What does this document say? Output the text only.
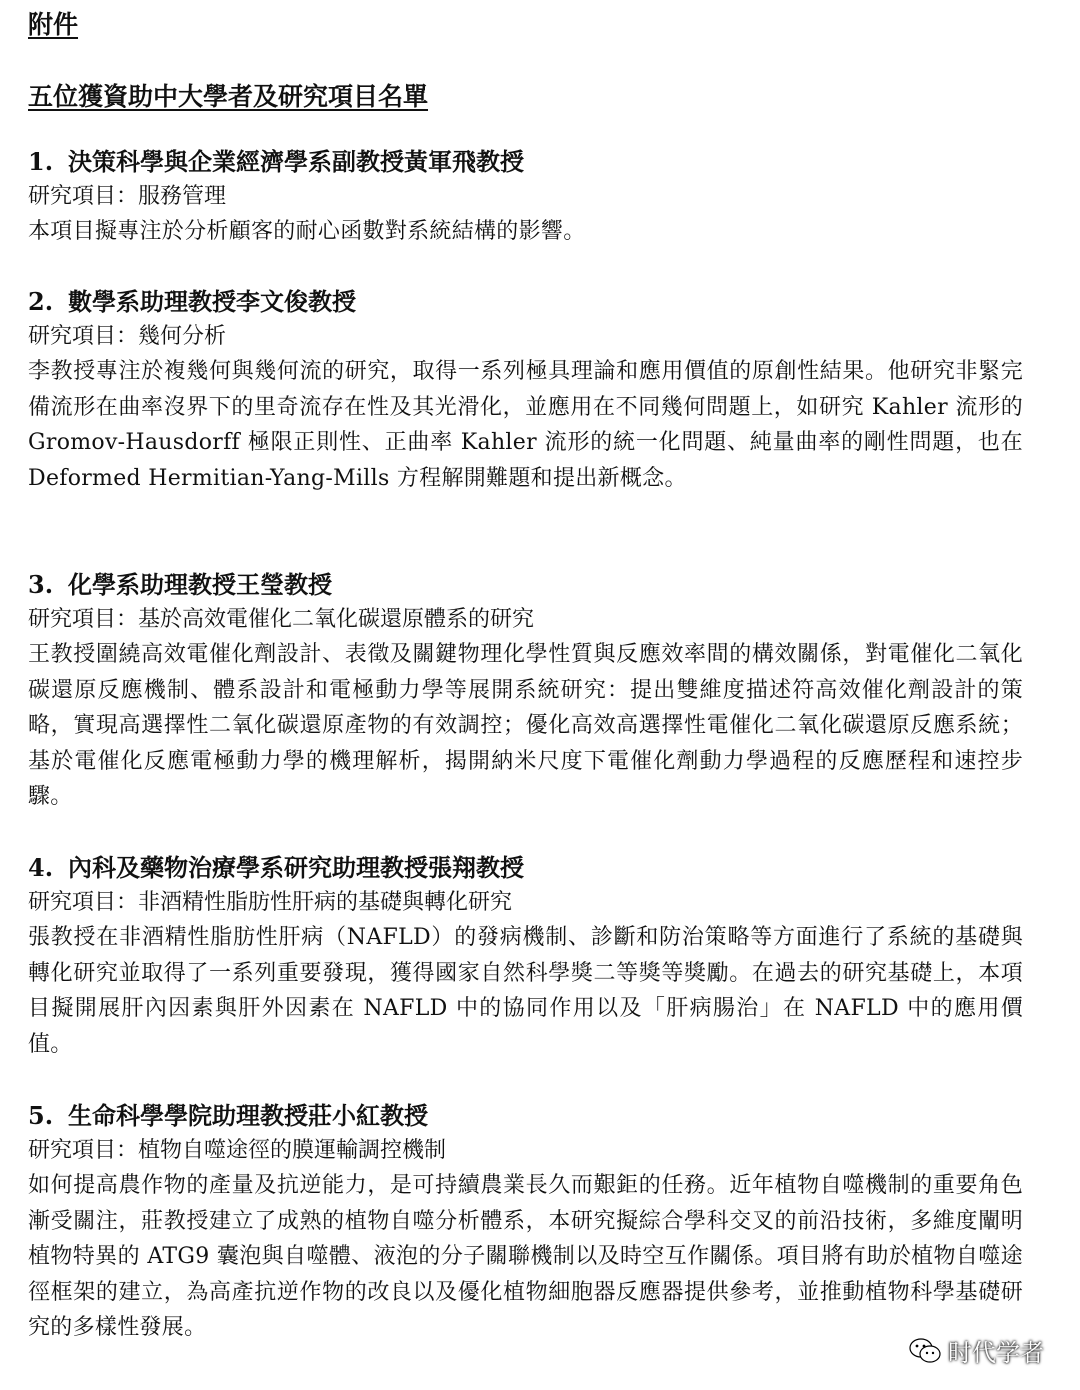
附件
五位獲資助中大學者及研究項目名單

1. 決策科學與企業經濟學系副教授黃軍飛教授

研究項目：服務管理

本項目擬專注於分析顧客的耐心函數對系統結構的影響。

2. 數學系助理教授李文俊教授

研究項目：幾何分析

李教授專注於複幾何與幾何流的研究，取得一系列極具理論和應用價值的原創性結果。他研究非緊完備流形在曲率沒界下的里奇流存在性及其光滑化，並應用在不同幾何問題上，如研究 Kahler 流形的 Gromov-Hausdorff 極限正則性、正曲率 Kahler 流形的統一化問題、純量曲率的剛性問題，也在 Deformed Hermitian-Yang-Mills 方程解開難題和提出新概念。

3. 化學系助理教授王瑩教授

研究項目：基於高效電催化二氧化碳還原體系的研究

王教授圍繞高效電催化劑設計、表徵及關鍵物理化學性質與反應效率間的構效關係，對電催化二氧化碳還原反應機制、體系設計和電極動力學等展開系統研究：提出雙維度描述符高效催化劑設計的策略，實現高選擇性二氧化碳還原產物的有效調控；優化高效高選擇性電催化二氧化碳還原反應系統；基於電催化反應電極動力學的機理解析，揭開納米尺度下電催化劑動力學過程的反應歷程和速控步驟。

4. 內科及藥物治療學系研究助理教授張翔教授

研究項目：非酒精性脂肪性肝病的基礎與轉化研究

張教授在非酒精性脂肪性肝病（NAFLD）的發病機制、診斷和防治策略等方面進行了系統的基礎與轉化研究並取得了一系列重要發現，獲得國家自然科學獎二等獎等獎勵。在過去的研究基礎上，本項目擬開展肝內因素與肝外因素在 NAFLD 中的協同作用以及「肝病腸治」在 NAFLD 中的應用價值。

5. 生命科學學院助理教授莊小紅教授

研究項目：植物自噬途徑的膜運輸調控機制

如何提高農作物的產量及抗逆能力，是可持續農業長久而艱鉅的任務。近年植物自噬機制的重要角色漸受關注，莊教授建立了成熟的植物自噬分析體系，本研究擬綜合學科交叉的前沿技術，多維度闡明植物特異的 ATG9 囊泡與自噬體、液泡的分子關聯機制以及時空互作關係。項目將有助於植物自噬途徑框架的建立，為高產抗逆作物的改良以及優化植物細胞器反應器提供參考，並推動植物科學基礎研究的多樣性發展。

时代学者
